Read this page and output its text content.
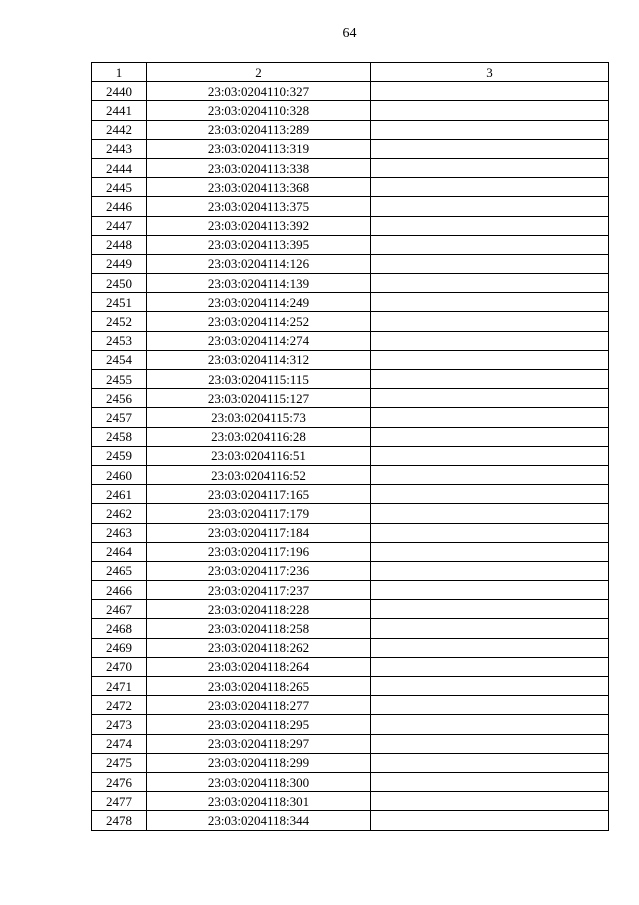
64
1	2	3
2440	23:03:0204110:327	
2441	23:03:0204110:328	
2442	23:03:0204113:289	
2443	23:03:0204113:319	
2444	23:03:0204113:338	
2445	23:03:0204113:368	
2446	23:03:0204113:375	
2447	23:03:0204113:392	
2448	23:03:0204113:395	
2449	23:03:0204114:126	
2450	23:03:0204114:139	
2451	23:03:0204114:249	
2452	23:03:0204114:252	
2453	23:03:0204114:274	
2454	23:03:0204114:312	
2455	23:03:0204115:115	
2456	23:03:0204115:127	
2457	23:03:0204115:73	
2458	23:03:0204116:28	
2459	23:03:0204116:51	
2460	23:03:0204116:52	
2461	23:03:0204117:165	
2462	23:03:0204117:179	
2463	23:03:0204117:184	
2464	23:03:0204117:196	
2465	23:03:0204117:236	
2466	23:03:0204117:237	
2467	23:03:0204118:228	
2468	23:03:0204118:258	
2469	23:03:0204118:262	
2470	23:03:0204118:264	
2471	23:03:0204118:265	
2472	23:03:0204118:277	
2473	23:03:0204118:295	
2474	23:03:0204118:297	
2475	23:03:0204118:299	
2476	23:03:0204118:300	
2477	23:03:0204118:301	
2478	23:03:0204118:344	
